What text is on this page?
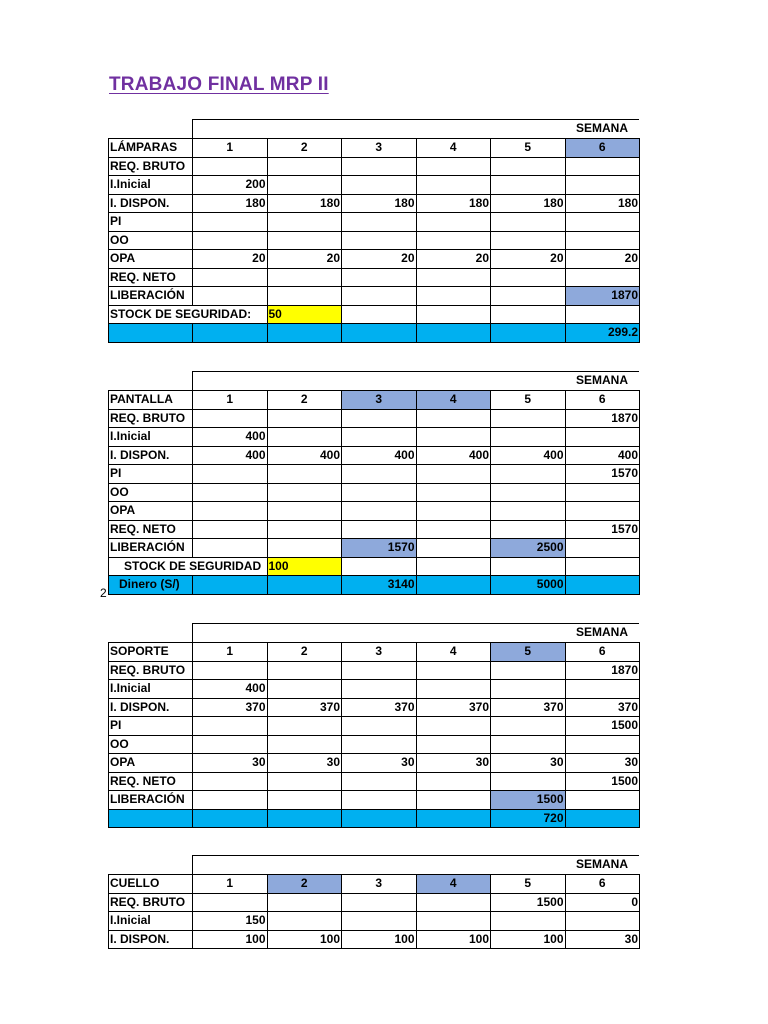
TRABAJO FINAL MRP II
SEMANA
LÁMPARAS	1	2	3	4	5	6
REQ. BRUTO						
I.Inicial	200					
I. DISPON.	180	180	180	180	180	180
PI						
OO						
OPA	20	20	20	20	20	20
REQ. NETO						
LIBERACIÓN						1870
STOCK DE SEGURIDAD:		50				
						299.2
SEMANA
PANTALLA	1	2	3	4	5	6
REQ. BRUTO						1870
I.Inicial	400					
I. DISPON.	400	400	400	400	400	400
PI						1570
OO						
OPA						
REQ. NETO						1570
LIBERACIÓN			1570		2500	
STOCK DE SEGURIDAD		100				
Dinero (S/)			3140		5000	
2
SEMANA
SOPORTE	1	2	3	4	5	6
REQ. BRUTO						1870
I.Inicial	400					
I. DISPON.	370	370	370	370	370	370
PI						1500
OO						
OPA	30	30	30	30	30	30
REQ. NETO						1500
LIBERACIÓN					1500	
					720	
SEMANA
CUELLO	1	2	3	4	5	6
REQ. BRUTO					1500	0
I.Inicial	150					
I. DISPON.	100	100	100	100	100	30
